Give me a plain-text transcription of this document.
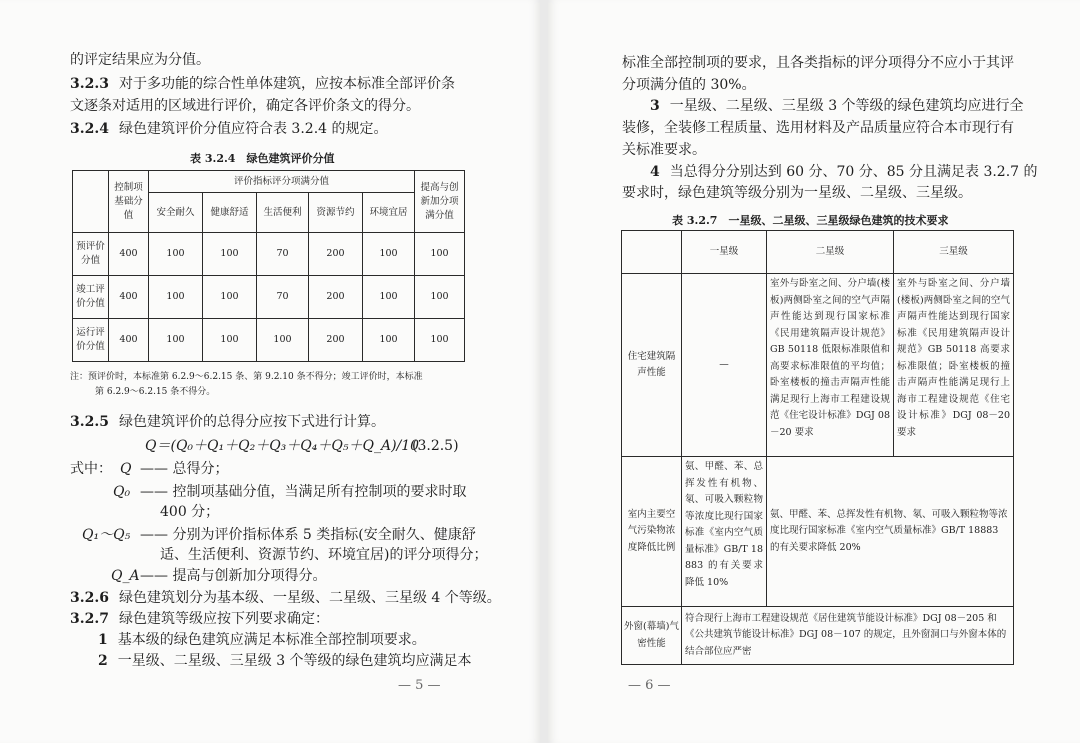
的评定结果应为分值。
3.2.3 对于多功能的综合性单体建筑，应按本标准全部评价条
文逐条对适用的区域进行评价，确定各评价条文的得分。
3.2.4 绿色建筑评价分值应符合表 3.2.4 的规定。
表 3.2.4　绿色建筑评价分值
	控制项基础分值	评价指标评分项满分值					提高与创新加分项满分值
		安全耐久	健康舒适	生活便利	资源节约	环境宜居	
预评价分值	400	100	100	70	200	100	100
竣工评价分值	400	100	100	70	200	100	100
运行评价分值	400	100	100	100	200	100	100
注：预评价时，本标准第 6.2.9～6.2.15 条、第 9.2.10 条不得分；竣工评价时，本标准
第 6.2.9～6.2.15 条不得分。
3.2.5 绿色建筑评价的总得分应按下式进行计算。
Q＝(Q₀＋Q₁＋Q₂＋Q₃＋Q₄＋Q₅＋Q_A)/10
(3.2.5)
式中： Q —— 总得分；
Q₀ —— 控制项基础分值，当满足所有控制项的要求时取
400 分；
Q₁～Q₅ —— 分别为评价指标体系 5 类指标(安全耐久、健康舒
适、生活便利、资源节约、环境宜居)的评分项得分；
Q_A —— 提高与创新加分项得分。
3.2.6 绿色建筑划分为基本级、一星级、二星级、三星级 4 个等级。
3.2.7 绿色建筑等级应按下列要求确定：
1 基本级的绿色建筑应满足本标准全部控制项要求。
2 一星级、二星级、三星级 3 个等级的绿色建筑均应满足本
— 5 —
标准全部控制项的要求，且各类指标的评分项得分不应小于其评
分项满分值的 30%。
3 一星级、二星级、三星级 3 个等级的绿色建筑均应进行全
装修，全装修工程质量、选用材料及产品质量应符合本市现行有
关标准要求。
4 当总得分分别达到 60 分、70 分、85 分且满足表 3.2.7 的
要求时，绿色建筑等级分别为一星级、二星级、三星级。
表 3.2.7　一星级、二星级、三星级绿色建筑的技术要求
	一星级	二星级	三星级
住宅建筑隔声性能	—	室外与卧室之间、分户墙(楼板)两侧卧室之间的空气声隔声性能达到现行国家标准《民用建筑隔声设计规范》GB 50118 低限标准限值和高要求标准限值的平均值；卧室楼板的撞击声隔声性能满足现行上海市工程建设规范《住宅设计标准》DGJ 08－20 要求	室外与卧室之间、分户墙(楼板)两侧卧室之间的空气声隔声性能达到现行国家标准《民用建筑隔声设计规范》GB 50118 高要求标准限值；卧室楼板的撞击声隔声性能满足现行上海市工程建设规范《住宅设计标准》DGJ 08－20 要求
室内主要空气污染物浓度降低比例	氨、甲醛、苯、总挥发性有机物、氡、可吸入颗粒物等浓度比现行国家标准《室内空气质量标准》GB/T 18883 的有关要求降低 10%	氨、甲醛、苯、总挥发性有机物、氡、可吸入颗粒物等浓度比现行国家标准《室内空气质量标准》GB/T 18883 的有关要求降低 20%	
外窗(幕墙)气密性能	符合现行上海市工程建设规范《居住建筑节能设计标准》DGJ 08－205 和《公共建筑节能设计标准》DGJ 08－107 的规定，且外窗洞口与外窗本体的结合部位应严密		
— 6 —
